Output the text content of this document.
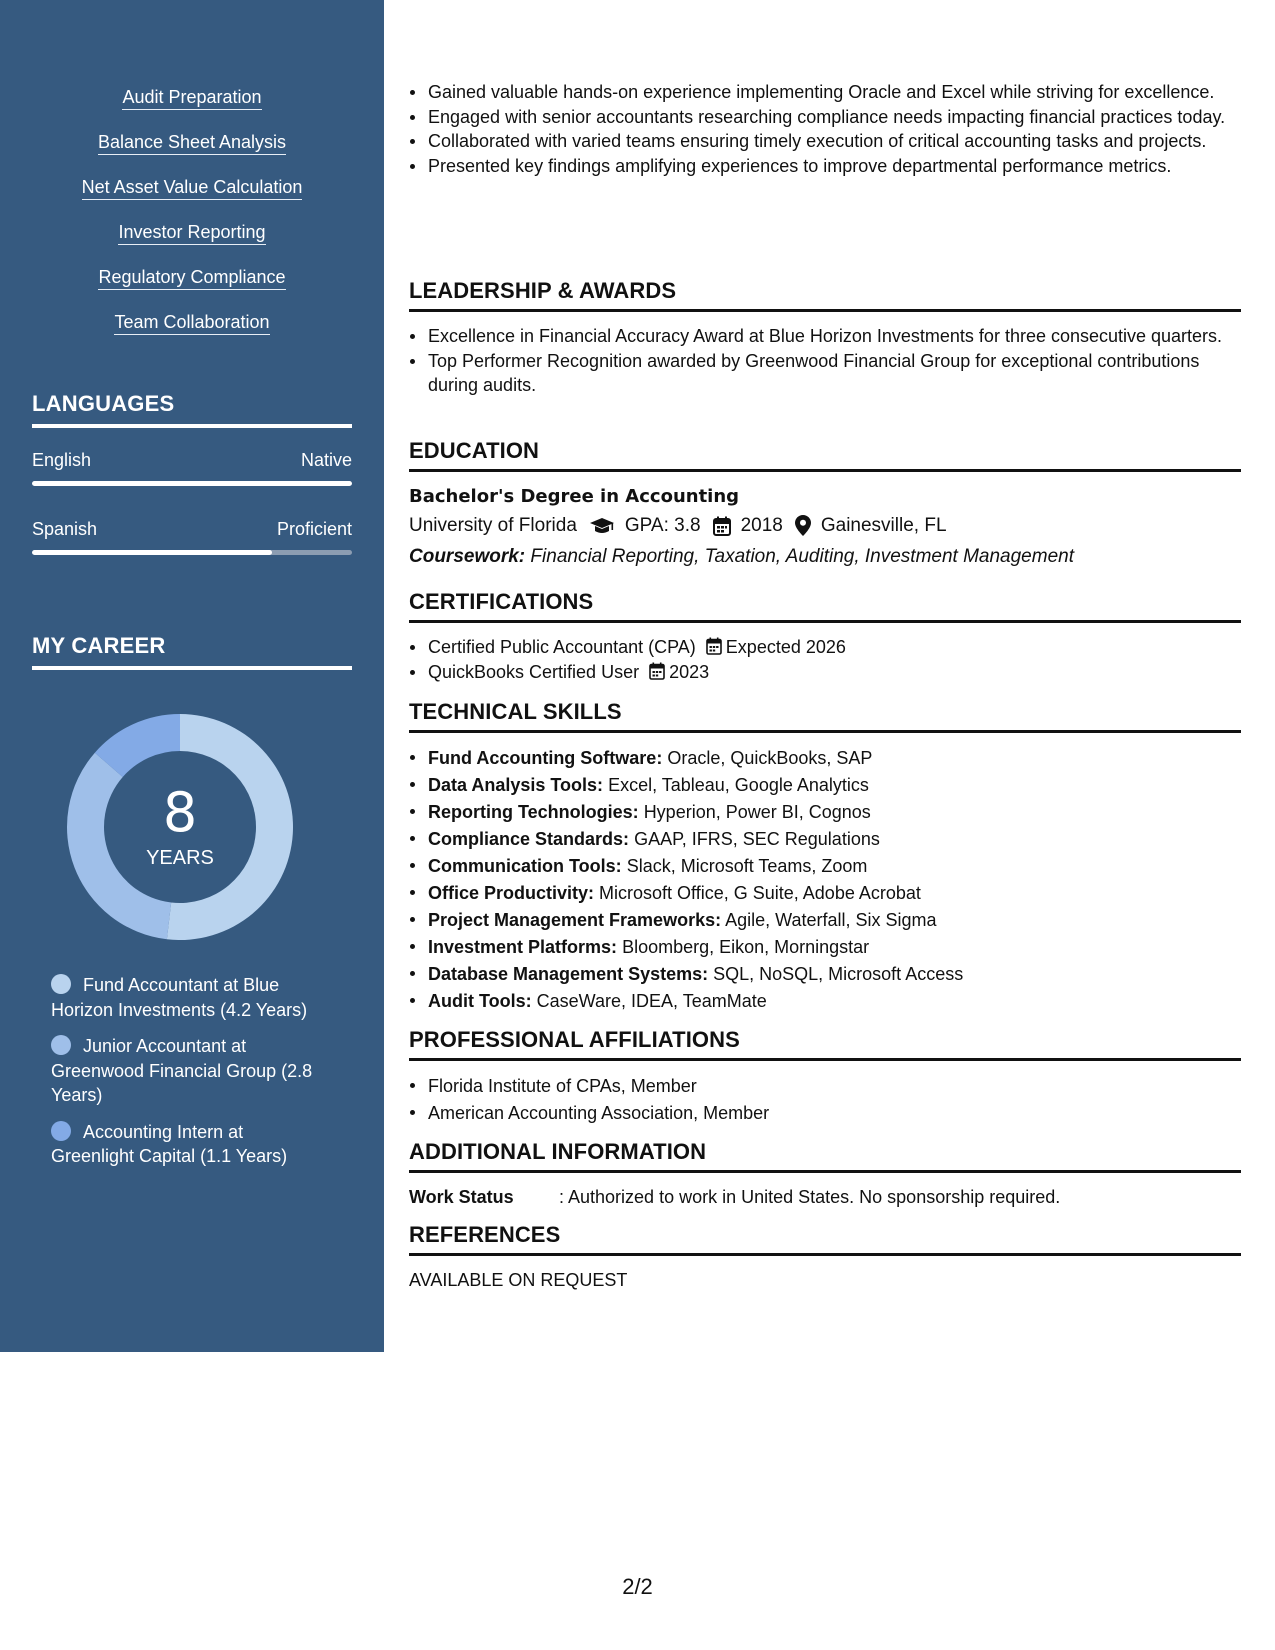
Audit Preparation
Balance Sheet Analysis
Net Asset Value Calculation
Investor Reporting
Regulatory Compliance
Team Collaboration
LANGUAGES
English	Native
Spanish	Proficient
MY CAREER
8
YEARS
Fund Accountant at Blue Horizon Investments (4.2 Years)
Junior Accountant at Greenwood Financial Group (2.8 Years)
Accounting Intern at Greenlight Capital (1.1 Years)
Gained valuable hands-on experience implementing Oracle and Excel while striving for excellence.
Engaged with senior accountants researching compliance needs impacting financial practices today.
Collaborated with varied teams ensuring timely execution of critical accounting tasks and projects.
Presented key findings amplifying experiences to improve departmental performance metrics.
LEADERSHIP & AWARDS
Excellence in Financial Accuracy Award at Blue Horizon Investments for three consecutive quarters.
Top Performer Recognition awarded by Greenwood Financial Group for exceptional contributions during audits.
EDUCATION
Bachelor's Degree in Accounting
University of Florida	GPA: 3.8 2018 Gainesville, FL
Coursework: Financial Reporting, Taxation, Auditing, Investment Management
CERTIFICATIONS
Certified Public Accountant (CPA) Expected 2026
QuickBooks Certified User 2023
TECHNICAL SKILLS
Fund Accounting Software: Oracle, QuickBooks, SAP
Data Analysis Tools: Excel, Tableau, Google Analytics
Reporting Technologies: Hyperion, Power BI, Cognos
Compliance Standards: GAAP, IFRS, SEC Regulations
Communication Tools: Slack, Microsoft Teams, Zoom
Office Productivity: Microsoft Office, G Suite, Adobe Acrobat
Project Management Frameworks: Agile, Waterfall, Six Sigma
Investment Platforms: Bloomberg, Eikon, Morningstar
Database Management Systems: SQL, NoSQL, Microsoft Access
Audit Tools: CaseWare, IDEA, TeamMate
PROFESSIONAL AFFILIATIONS
Florida Institute of CPAs, Member
American Accounting Association, Member
ADDITIONAL INFORMATION
Work Status	: Authorized to work in United States. No sponsorship required.
REFERENCES
AVAILABLE ON REQUEST
2/2
